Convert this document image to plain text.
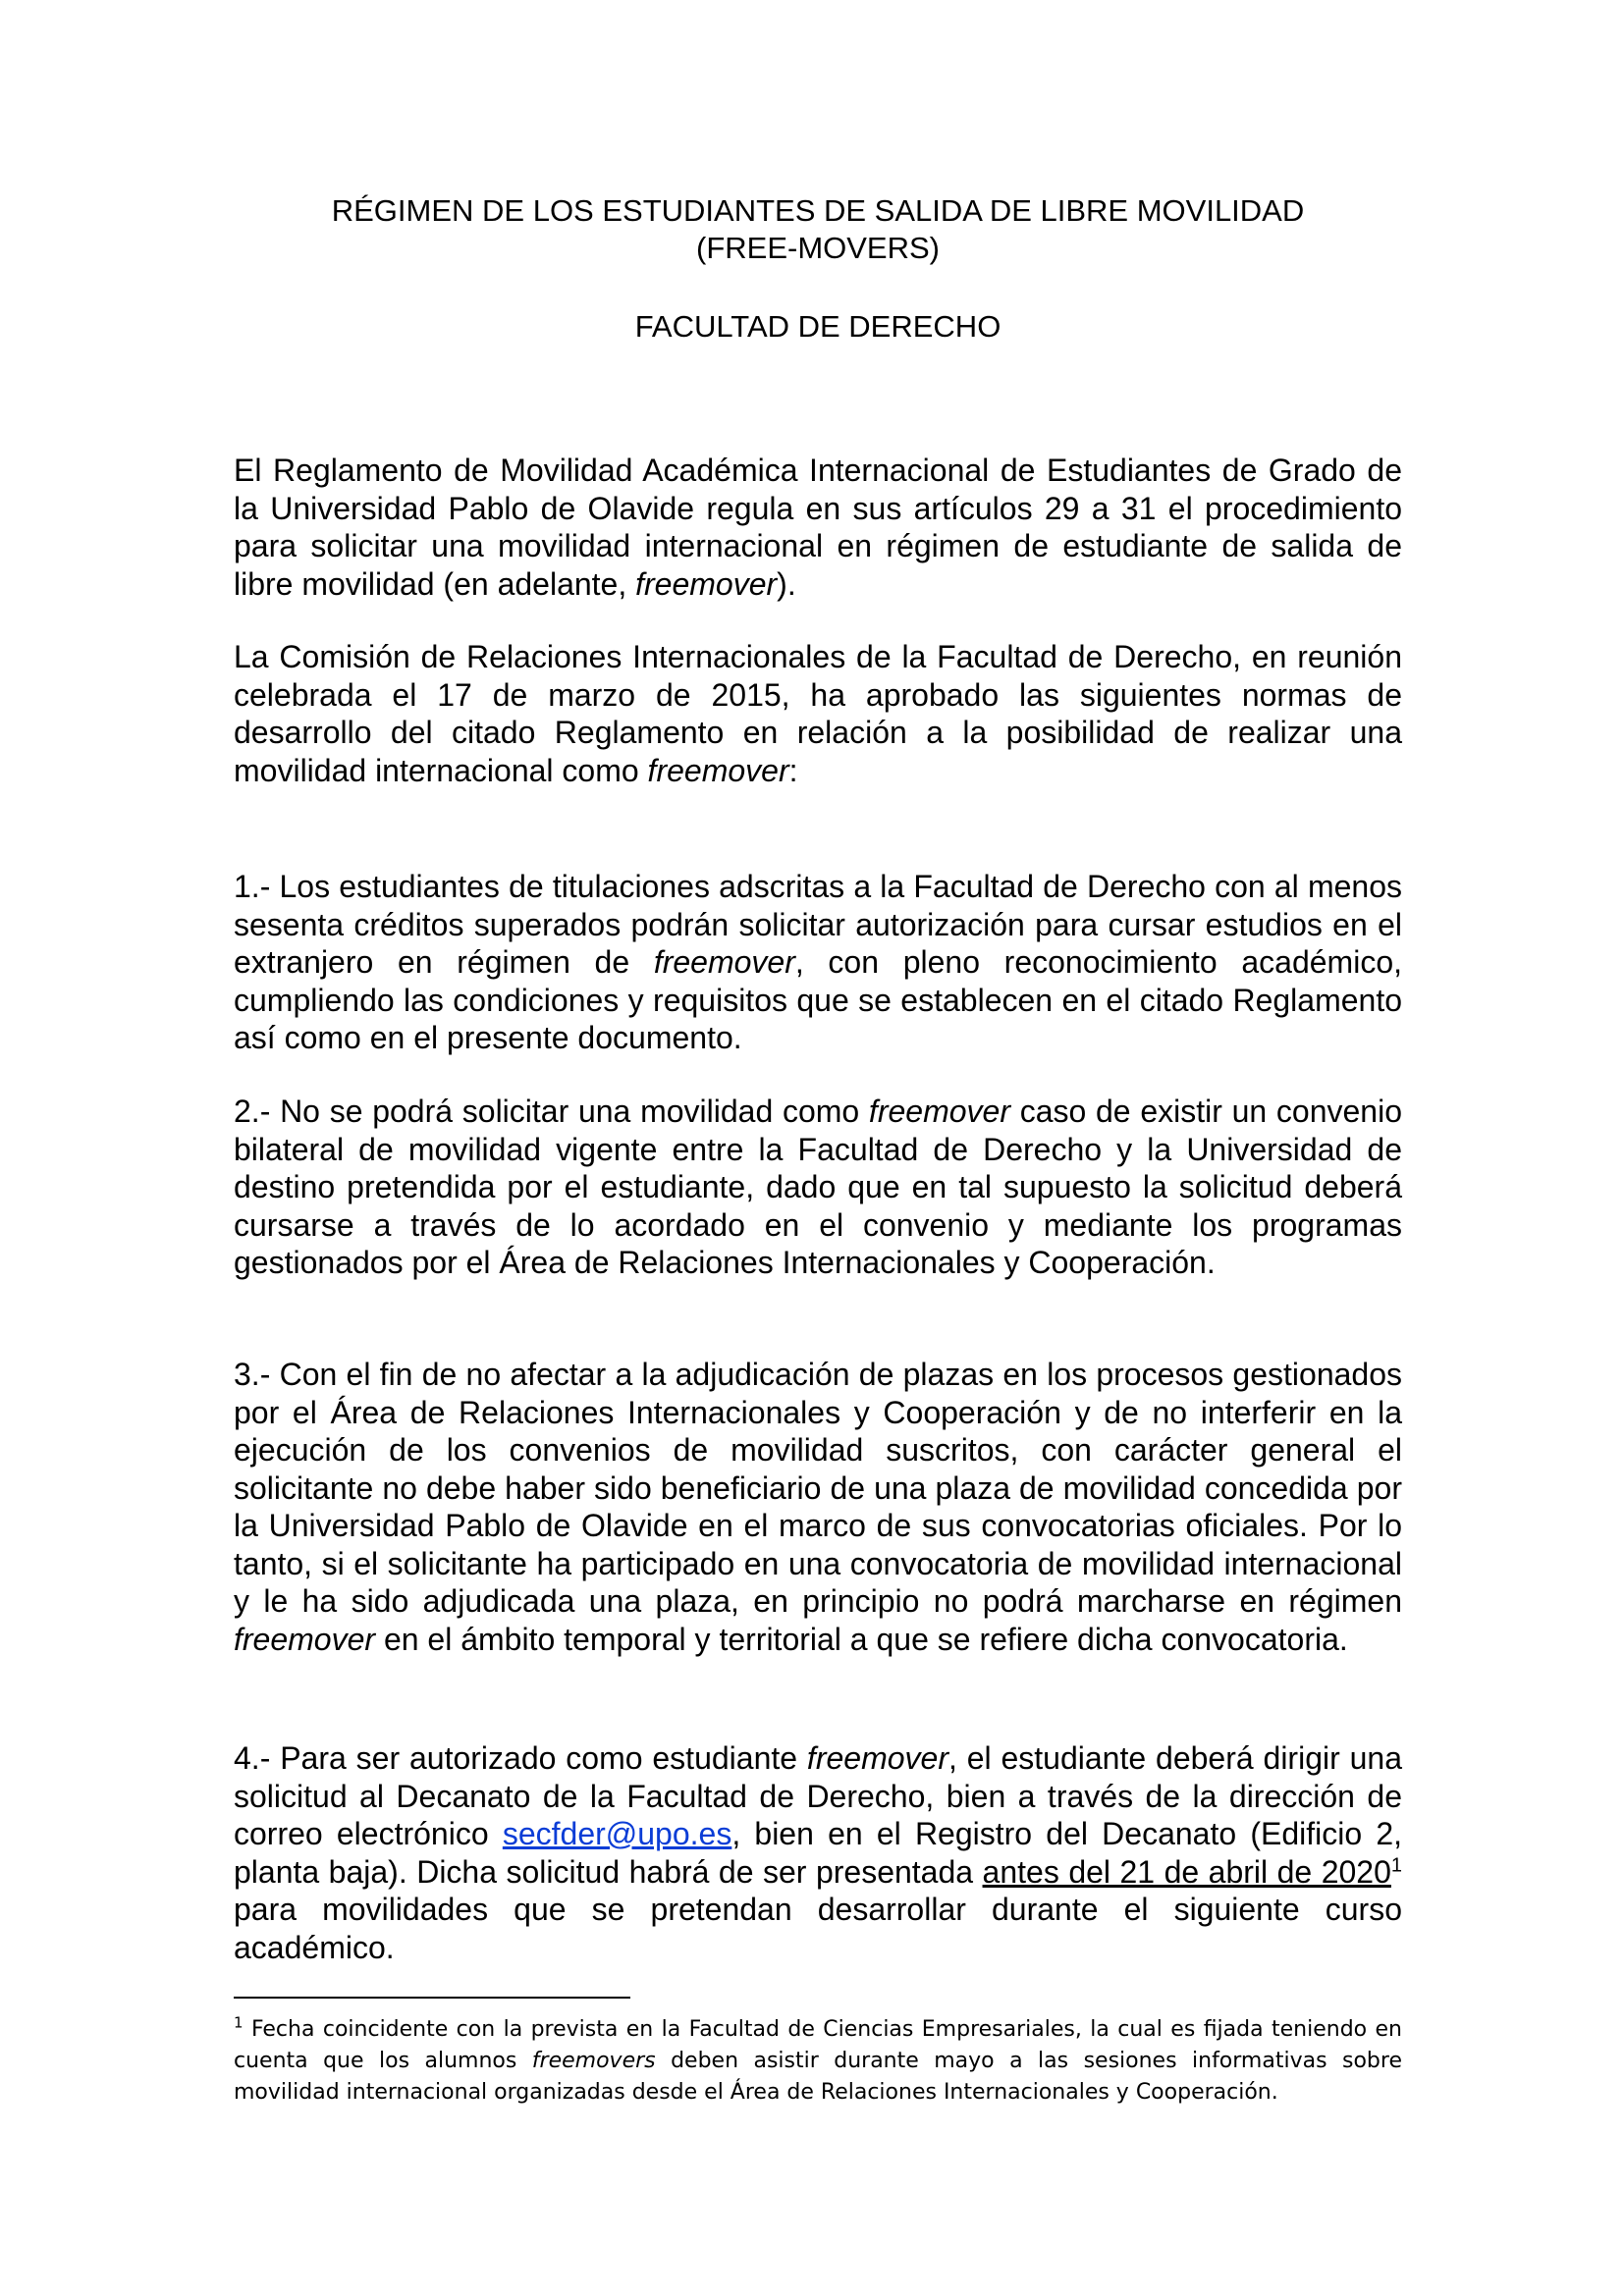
RÉGIMEN DE LOS ESTUDIANTES DE SALIDA DE LIBRE MOVILIDAD
(FREE-MOVERS)

FACULTAD DE DERECHO

El Reglamento de Movilidad Académica Internacional de Estudiantes de Grado de la Universidad Pablo de Olavide regula en sus artículos 29 a 31 el procedimiento para solicitar una movilidad internacional en régimen de estudiante de salida de libre movilidad (en adelante, freemover).

La Comisión de Relaciones Internacionales de la Facultad de Derecho, en reunión celebrada el 17 de marzo de 2015, ha aprobado las siguientes normas de desarrollo del citado Reglamento en relación a la posibilidad de realizar una movilidad internacional como freemover:

1.- Los estudiantes de titulaciones adscritas a la Facultad de Derecho con al menos sesenta créditos superados podrán solicitar autorización para cursar estudios en el extranjero en régimen de freemover, con pleno reconocimiento académico, cumpliendo las condiciones y requisitos que se establecen en el citado Reglamento así como en el presente documento.

2.- No se podrá solicitar una movilidad como freemover caso de existir un convenio bilateral de movilidad vigente entre la Facultad de Derecho y la Universidad de destino pretendida por el estudiante, dado que en tal supuesto la solicitud deberá cursarse a través de lo acordado en el convenio y mediante los programas gestionados por el Área de Relaciones Internacionales y Cooperación.

3.- Con el fin de no afectar a la adjudicación de plazas en los procesos gestionados por el Área de Relaciones Internacionales y Cooperación y de no interferir en la ejecución de los convenios de movilidad suscritos, con carácter general el solicitante no debe haber sido beneficiario de una plaza de movilidad concedida por la Universidad Pablo de Olavide en el marco de sus convocatorias oficiales. Por lo tanto, si el solicitante ha participado en una convocatoria de movilidad internacional y le ha sido adjudicada una plaza, en principio no podrá marcharse en régimen freemover en el ámbito temporal y territorial a que se refiere dicha convocatoria.

4.- Para ser autorizado como estudiante freemover, el estudiante deberá dirigir una solicitud al Decanato de la Facultad de Derecho, bien a través de la dirección de correo electrónico secfder@upo.es, bien en el Registro del Decanato (Edificio 2, planta baja). Dicha solicitud habrá de ser presentada antes del 21 de abril de 2020$^1$ para movilidades que se pretendan desarrollar durante el siguiente curso académico.

$^1$ Fecha coincidente con la prevista en la Facultad de Ciencias Empresariales, la cual es fijada teniendo en cuenta que los alumnos freemovers deben asistir durante mayo a las sesiones informativas sobre movilidad internacional organizadas desde el Área de Relaciones Internacionales y Cooperación.
